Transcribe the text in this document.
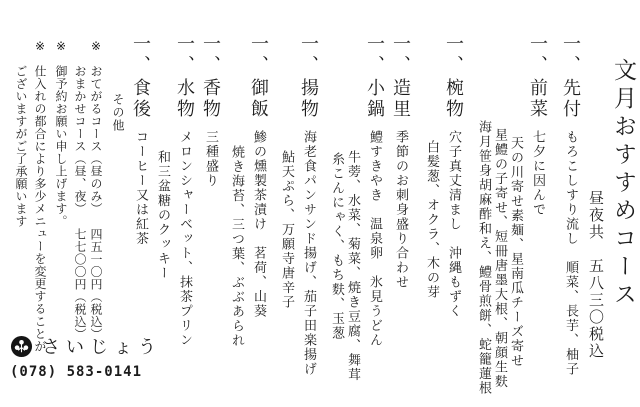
文月おすすめコース
昼夜共　五八三〇税込
一、先付 もろこしすり流し　順菜、長芋、柚子
一、前菜 七夕に因んで
天の川寄せ素麺、星南瓜チーズ寄せ
星鱧の子寄せ、短冊唐墨大根、朝顔生麩
海月笹身胡麻酢和え、鱧骨煎餅、蛇籠蓮根
一、椀物 穴子真丈清まし　沖縄もずく
白髪葱、オクラ、木の芽
一、造里 季節のお刺身盛り合わせ
一、小鍋 鱧すきやき　温泉卵　氷見うどん
牛蒡、水菜、菊菜、焼き豆腐、舞茸
糸こんにゃく、もち麩、玉葱
一、揚物 海老食パンサンド揚げ、茄子田楽揚げ
鮎天ぷら、万願寺唐辛子
一、御飯 鯵の燻製茶漬け　茗荷、山葵
焼き海苔、三つ葉、ぶぶあられ
一、香物 三種盛り
一、水物 メロンシャーベット、抹茶プリン
和三盆糖のクッキー
一、食後 コーヒー又は紅茶
その他
※ おてがるコース（昼のみ） 四五一〇円（税込）
おまかせコース（昼、夜） 七七〇〇円（税込）
※ 御予約お願い申し上げます。
※ 仕入れの都合により多少メニューを変更することが
ございますがご了承願います
さいじょう
(078) 583-0141
